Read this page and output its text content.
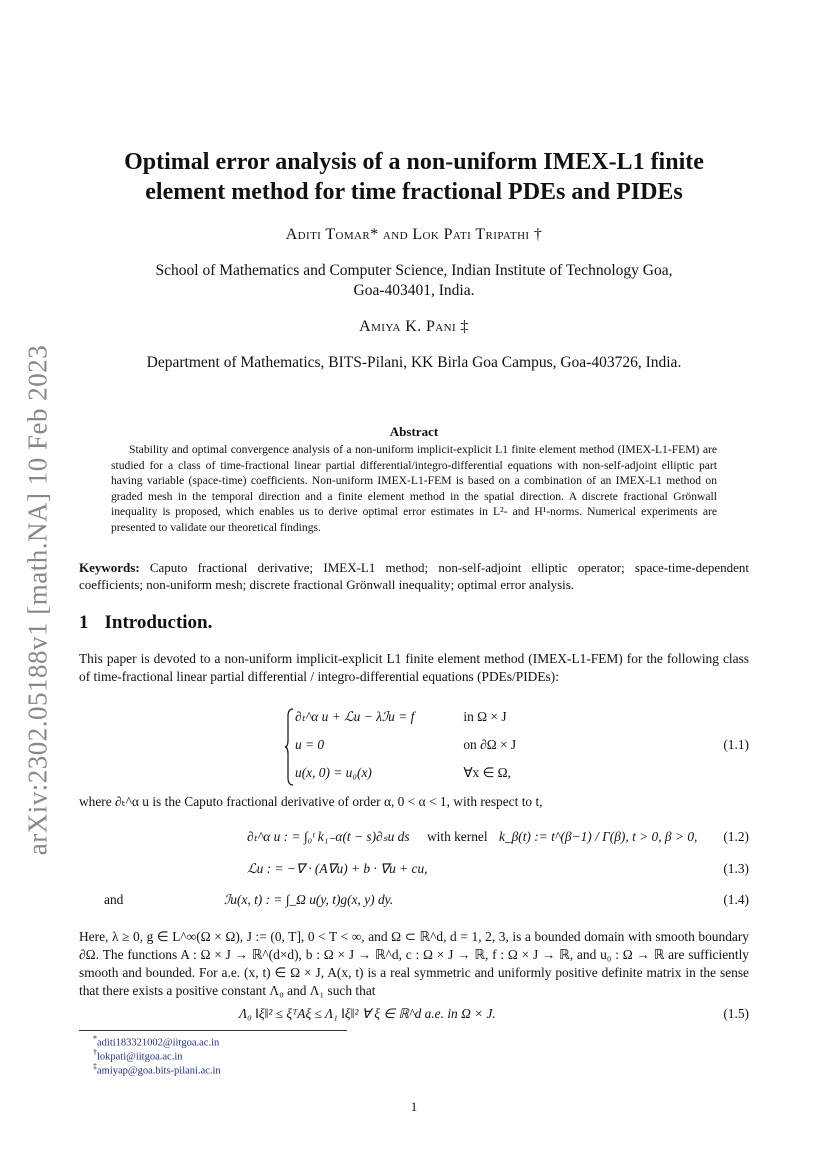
arXiv:2302.05188v1 [math.NA] 10 Feb 2023
Optimal error analysis of a non-uniform IMEX-L1 finite
element method for time fractional PDEs and PIDEs
Aditi Tomar* and Lok Pati Tripathi †
School of Mathematics and Computer Science, Indian Institute of Technology Goa,
Goa-403401, India.
Amiya K. Pani ‡
Department of Mathematics, BITS-Pilani, KK Birla Goa Campus, Goa-403726, India.
Abstract
Stability and optimal convergence analysis of a non-uniform implicit-explicit L1 finite element method (IMEX-L1-FEM) are studied for a class of time-fractional linear partial differential/integro-differential equations with non-self-adjoint elliptic part having variable (space-time) coefficients. Non-uniform IMEX-L1-FEM is based on a combination of an IMEX-L1 method on graded mesh in the temporal direction and a finite element method in the spatial direction. A discrete fractional Grönwall inequality is proposed, which enables us to derive optimal error estimates in L²- and H¹-norms. Numerical experiments are presented to validate our theoretical findings.
Keywords: Caputo fractional derivative; IMEX-L1 method; non-self-adjoint elliptic operator; space-time-dependent coefficients; non-uniform mesh; discrete fractional Grönwall inequality; optimal error analysis.
1 Introduction.
This paper is devoted to a non-uniform implicit-explicit L1 finite element method (IMEX-L1-FEM) for the following class of time-fractional linear partial differential / integro-differential equations (PDEs/PIDEs):
∂ₜ^α u + ℒu − λℐu = f	in Ω × J
u = 0	on ∂Ω × J
u(x, 0) = u₀(x)	∀x ∈ Ω,
(1.1)
where ∂ₜ^α u is the Caputo fractional derivative of order α, 0 < α < 1, with respect to t,
∂ₜ^α u : = ∫₀ᵗ k₁₋α(t − s)∂ₛu ds with kernel k_β(t) := t^(β−1) / Γ(β), t > 0, β > 0, (1.2)
ℒu : = −∇ · (A∇u) + b · ∇u + cu,	(1.3)
and	ℐu(x, t) : = ∫_Ω u(y, t)g(x, y) dy.	(1.4)
Here, λ ≥ 0, g ∈ L^∞(Ω × Ω), J := (0, T], 0 < T < ∞, and Ω ⊂ ℝ^d, d = 1, 2, 3, is a bounded domain with smooth boundary ∂Ω. The functions A : Ω × J → ℝ^(d×d), b : Ω × J → ℝ^d, c : Ω × J → ℝ, f : Ω × J → ℝ, and u₀ : Ω → ℝ are sufficiently smooth and bounded. For a.e. (x, t) ∈ Ω × J, A(x, t) is a real symmetric and uniformly positive definite matrix in the sense that there exists a positive constant Λ₀ and Λ₁ such that
Λ₀ ‖ξ‖² ≤ ξᵀAξ ≤ Λ₁ ‖ξ‖² ∀ ξ ∈ ℝ^d a.e. in Ω × J.	(1.5)
*aditi183321002@iitgoa.ac.in
†lokpati@iitgoa.ac.in
‡amiyap@goa.bits-pilani.ac.in
1
